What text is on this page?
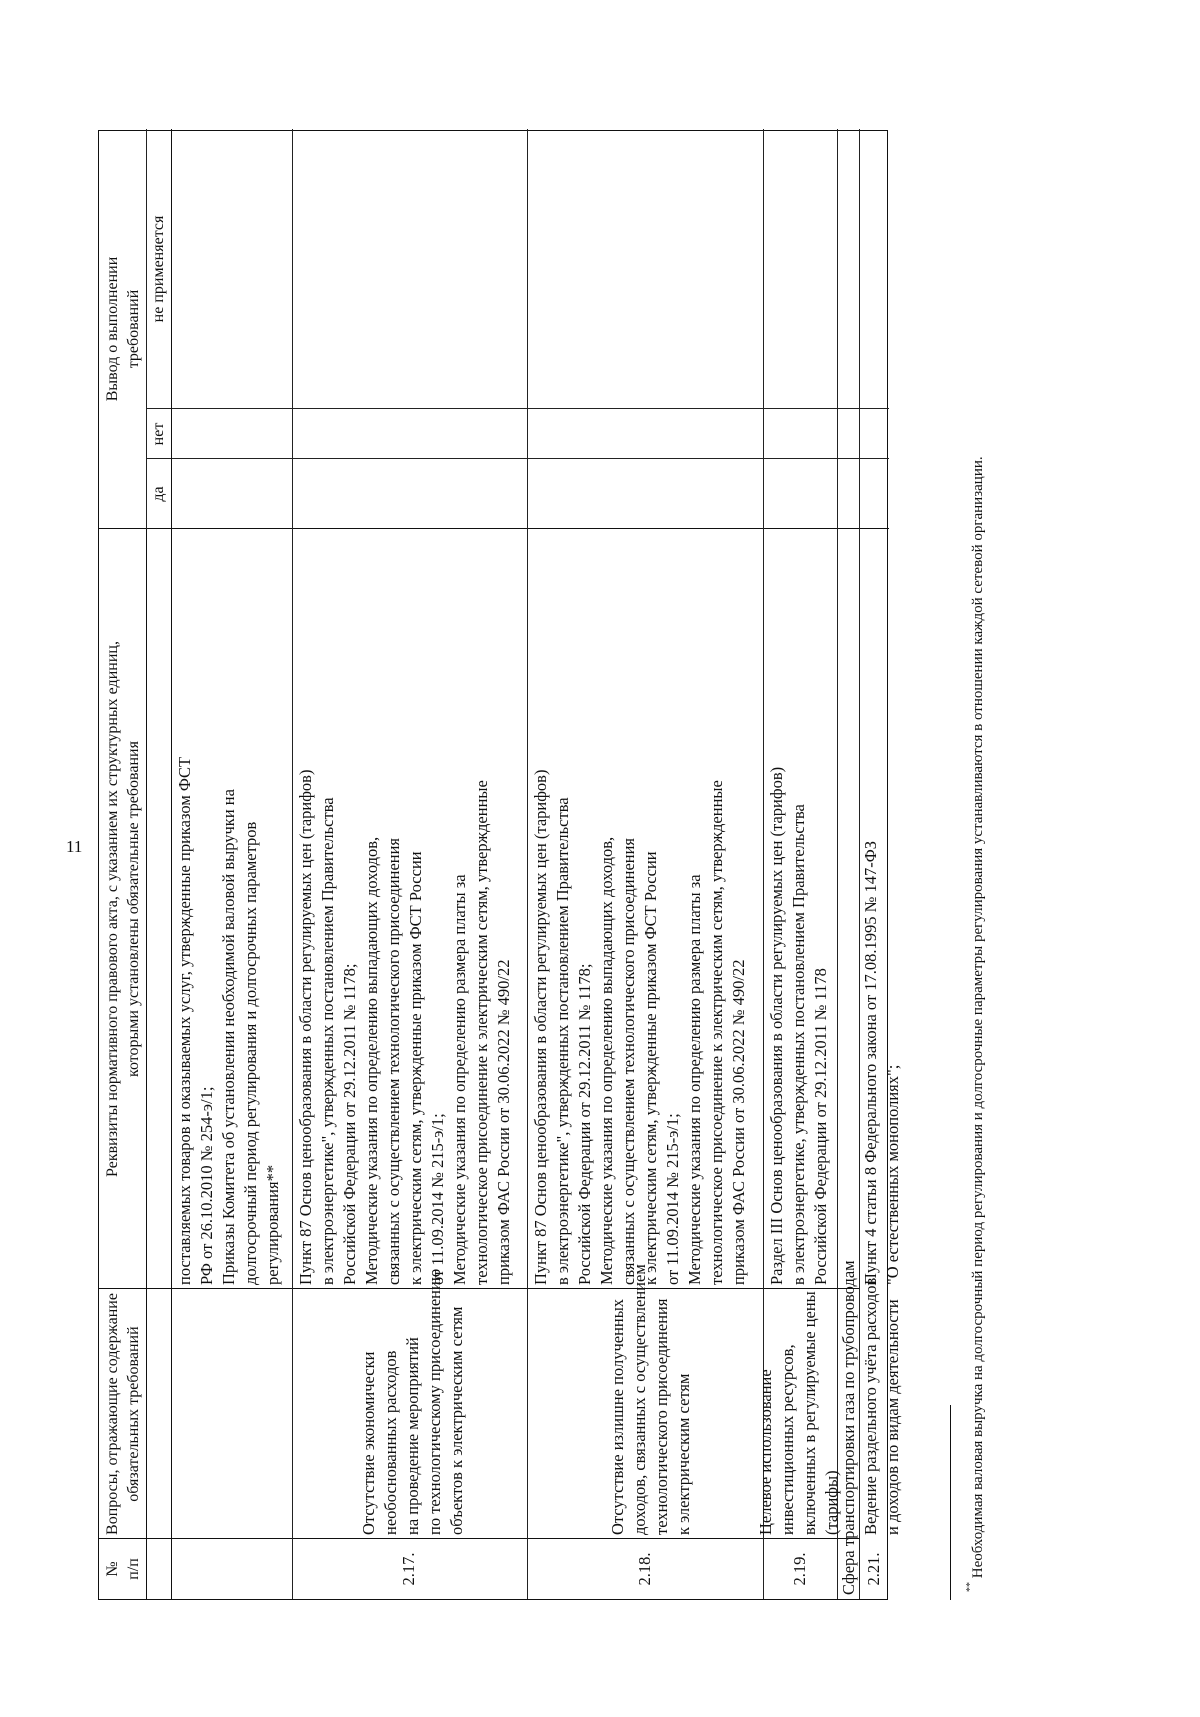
11
№ п/п
Вопросы, отражающие содержание обязательных требований
Реквизиты нормативного правового акта, с указанием их структурных единиц, которыми установлены обязательные требования
Вывод о выполнении требований
да
нет
не применяется
поставляемых товаров и оказываемых услуг, утвержденные приказом ФСТ РФ от 26.10.2010 № 254-э/1; Приказы Комитета об установлении необходимой валовой выручки на долгосрочный период регулирования и долгосрочных параметров регулирования**
2.17.
Отсутствие экономически необоснованных расходов на проведение мероприятий по технологическому присоединению объектов к электрическим сетям
Пункт 87 Основ ценообразования в области регулируемых цен (тарифов) в электроэнергетике", утвержденных постановлением Правительства Российской Федерации от 29.12.2011 № 1178; Методические указания по определению выпадающих доходов, связанных с осуществлением технологического присоединения к электрическим сетям, утвержденные приказом ФСТ России от 11.09.2014 № 215-э/1; Методические указания по определению размера платы за технологическое присоединение к электрическим сетям, утвержденные приказом ФАС России от 30.06.2022 № 490/22
2.18.
Отсутствие излишне полученных доходов, связанных с осуществлением технологического присоединения к электрическим сетям
Пункт 87 Основ ценообразования в области регулируемых цен (тарифов) в электроэнергетике", утвержденных постановлением Правительства Российской Федерации от 29.12.2011 № 1178; Методические указания по определению выпадающих доходов, связанных с осуществлением технологического присоединения к электрическим сетям, утвержденные приказом ФСТ России от 11.09.2014 № 215-э/1; Методические указания по определению размера платы за технологическое присоединение к электрическим сетям, утвержденные приказом ФАС России от 30.06.2022 № 490/22
2.19.
Целевое использование инвестиционных ресурсов, включенных в регулируемые цены (тарифы)
Раздел III Основ ценообразования в области регулируемых цен (тарифов) в электроэнергетике, утвержденных постановлением Правительства Российской Федерации от 29.12.2011 № 1178
Сфера транспортировки газа по трубопроводам 2.21.
Ведение раздельного учёта расходов и доходов по видам деятельности
Пункт 4 статьи 8 Федерального закона от 17.08.1995 № 147-ФЗ "О естественных монополиях";
** Необходимая валовая выручка на долгосрочный период регулирования и долгосрочные параметры регулирования устанавливаются в отношении каждой сетевой организации.
